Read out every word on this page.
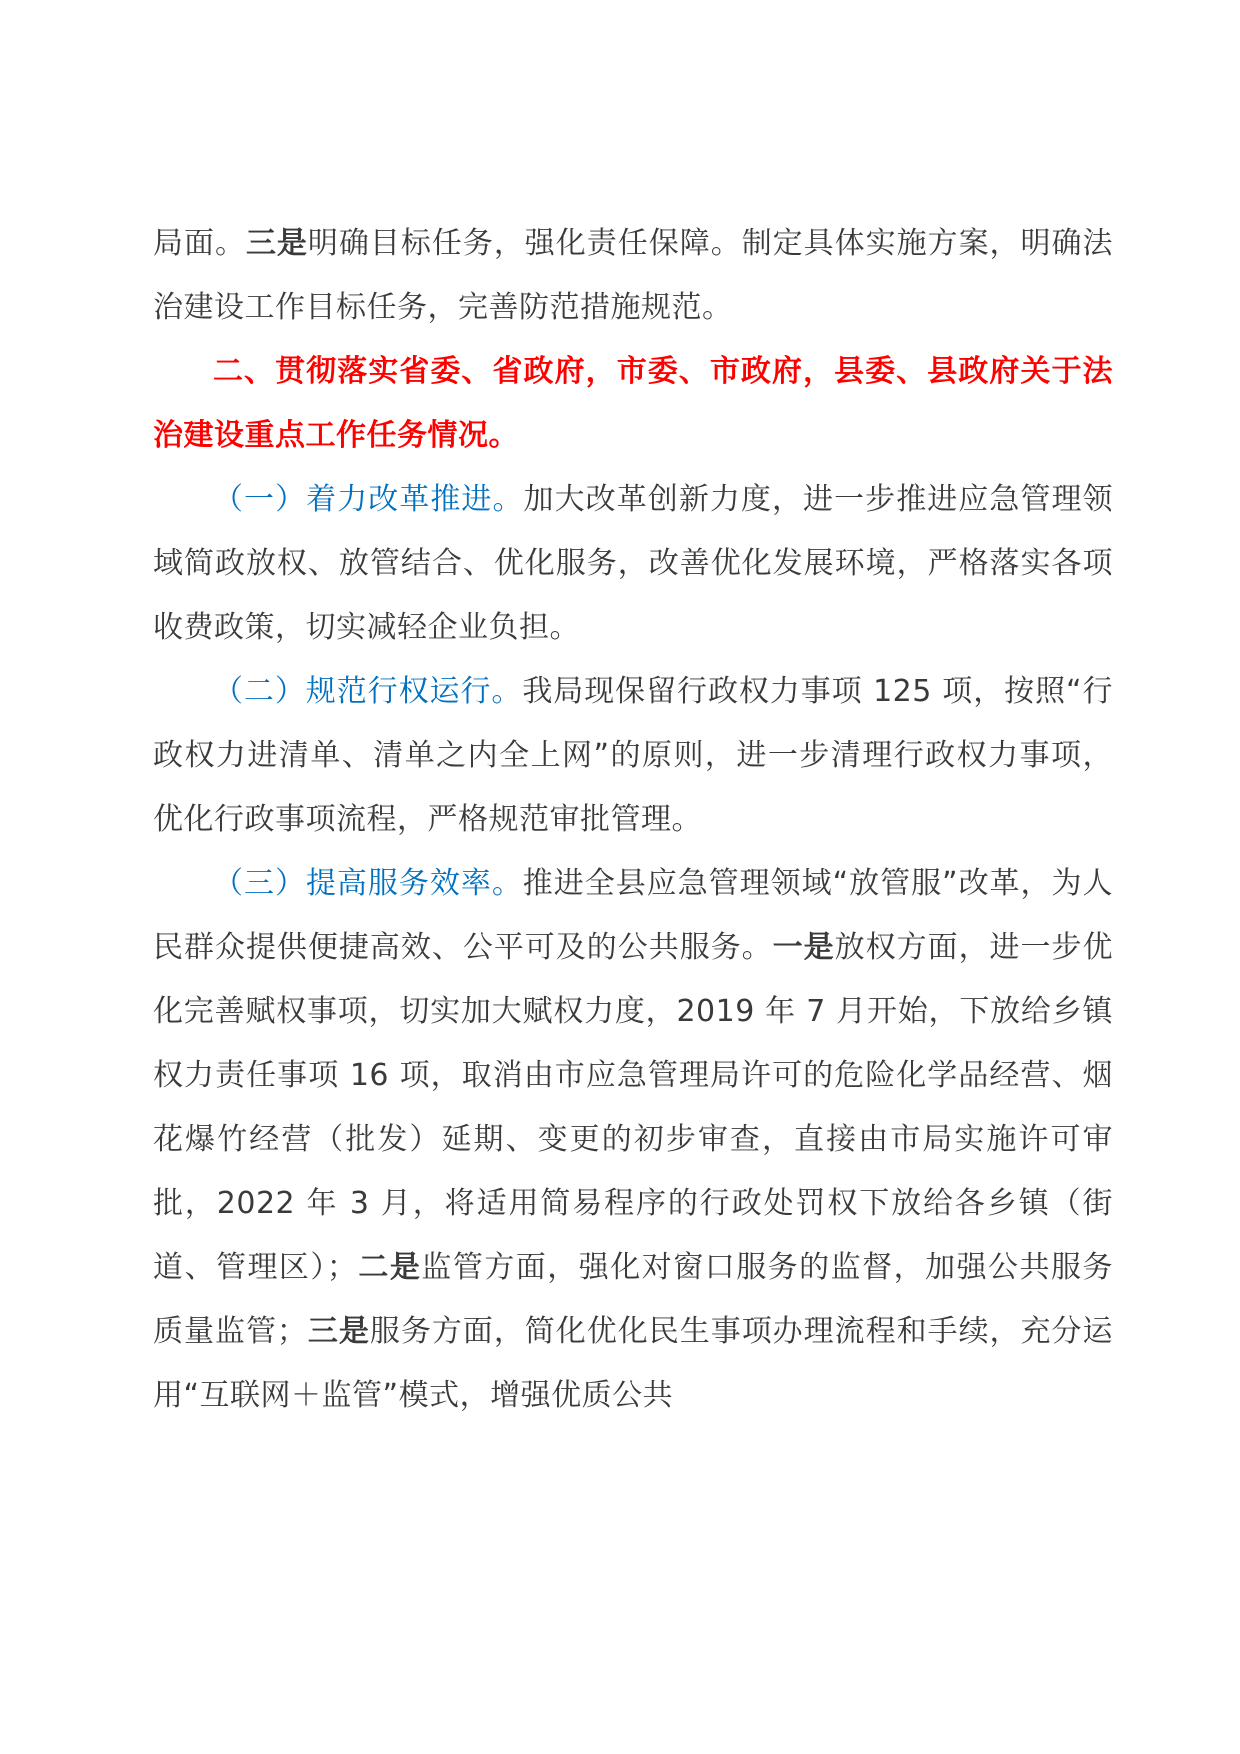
局面。三是明确目标任务，强化责任保障。制定具体实施方案，明确法治建设工作目标任务，完善防范措施规范。

二、贯彻落实省委、省政府，市委、市政府，县委、县政府关于法治建设重点工作任务情况。

（一）着力改革推进。加大改革创新力度，进一步推进应急管理领域简政放权、放管结合、优化服务，改善优化发展环境，严格落实各项收费政策，切实减轻企业负担。

（二）规范行权运行。我局现保留行政权力事项 125 项，按照“行政权力进清单、清单之内全上网”的原则，进一步清理行政权力事项，优化行政事项流程，严格规范审批管理。

（三）提高服务效率。推进全县应急管理领域“放管服”改革，为人民群众提供便捷高效、公平可及的公共服务。一是放权方面，进一步优化完善赋权事项，切实加大赋权力度，2019 年 7 月开始，下放给乡镇权力责任事项 16 项，取消由市应急管理局许可的危险化学品经营、烟花爆竹经营（批发）延期、变更的初步审查，直接由市局实施许可审批，2022 年 3 月，将适用简易程序的行政处罚权下放给各乡镇（街道、管理区）；二是监管方面，强化对窗口服务的监督，加强公共服务质量监管；三是服务方面，简化优化民生事项办理流程和手续，充分运用“互联网＋监管”模式，增强优质公共
